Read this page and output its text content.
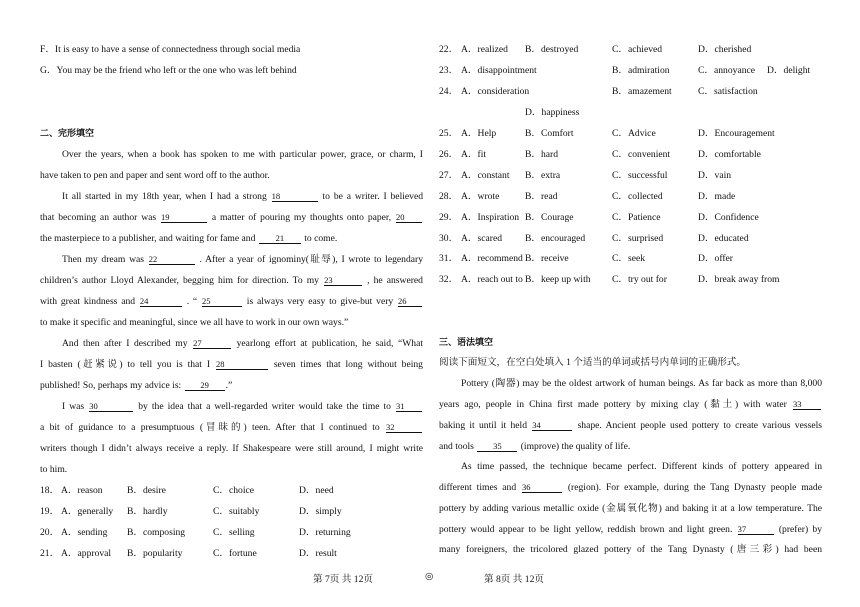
F．It is easy to have a sense of connectedness through social media
G．You may be the friend who left or the one who was left behind
二、完形填空
Over the years, when a book has spoken to me with particular power, grace, or charm, I
have taken to pen and paper and sent word off to the author.
It all started in my 18th year, when I had a strong 18	to be a writer. I believed
that becoming an author was 19	a matter of pouring my thoughts onto paper, 20
the masterpiece to a publisher, and waiting for fame and 21 to come.
Then my dream was 22	. After a year of ignominy(耻辱), I wrote to legendary
children’s author Lloyd Alexander, begging him for direction. To my 23	, he answered
with great kindness and 24	. “ 25	is always very easy to give-but very 26
to make it specific and meaningful, since we all have to work in our own ways.”
And then after I described my 27	yearlong effort at publication, he said, “What
I basten (赶紧说) to tell you is that I 28	seven times that long without being
published! So, perhaps my advice is: 29 .”
I was 30	by the idea that a well-regarded writer would take the time to 31
a bit of guidance to a presumptuous (冒昧的) teen. After that I continued to 32
writers though I didn’t always receive a reply. If Shakespeare were still around, I might write
to him.
18． A．reason	B．desire	C．choice	D．need
19． A．generally B．hardly	C．suitably	D．simply
20． A．sending B．composing	C．selling	D．returning
21． A．approval B．popularity	C．fortune	D．result
22． A．realized B．destroyed	C．achieved	D．cherished
23． A．disappointment	B．admiration	C．annoyance D．delight
24． A．consideration	B．amazement	C．satisfaction
D．happiness
25． A．Help	B．Comfort	C．Advice	D．Encouragement
26． A．fit	B．hard	C．convenient	D．comfortable
27． A．constant B．extra	C．successful	D．vain
28． A．wrote	B．read	C．collected	D．made
29． A．Inspiration B．Courage	C．Patience	D．Confidence
30． A．scared B．encouraged	C．surprised	D．educated
31． A．recommend B．receive	C．seek	D．offer
32． A．reach out to B．keep up with C．try out for	D．break away from
三、语法填空
阅读下面短文，在空白处填入 1 个适当的单词或括号内单词的正确形式。
Pottery (陶器) may be the oldest artwork of human beings. As far back as more than 8,000
years ago, people in China first made pottery by mixing clay (黏土) with water 33
baking it until it held 34	shape. Ancient people used pottery to create various vessels
and tools 35 (improve) the quality of life.
As time passed, the technique became perfect. Different kinds of pottery appeared in
different times and 36	(region). For example, during the Tang Dynasty people made
pottery by adding various metallic oxide (金属氧化物) and baking it at a low temperature. The
pottery would appear to be light yellow, reddish brown and light green. 37	(prefer) by
many foreigners, the tricolored glazed pottery of the Tang Dynasty (唐三彩) had been
第 7页 共 12页	◎	第 8页 共 12页
